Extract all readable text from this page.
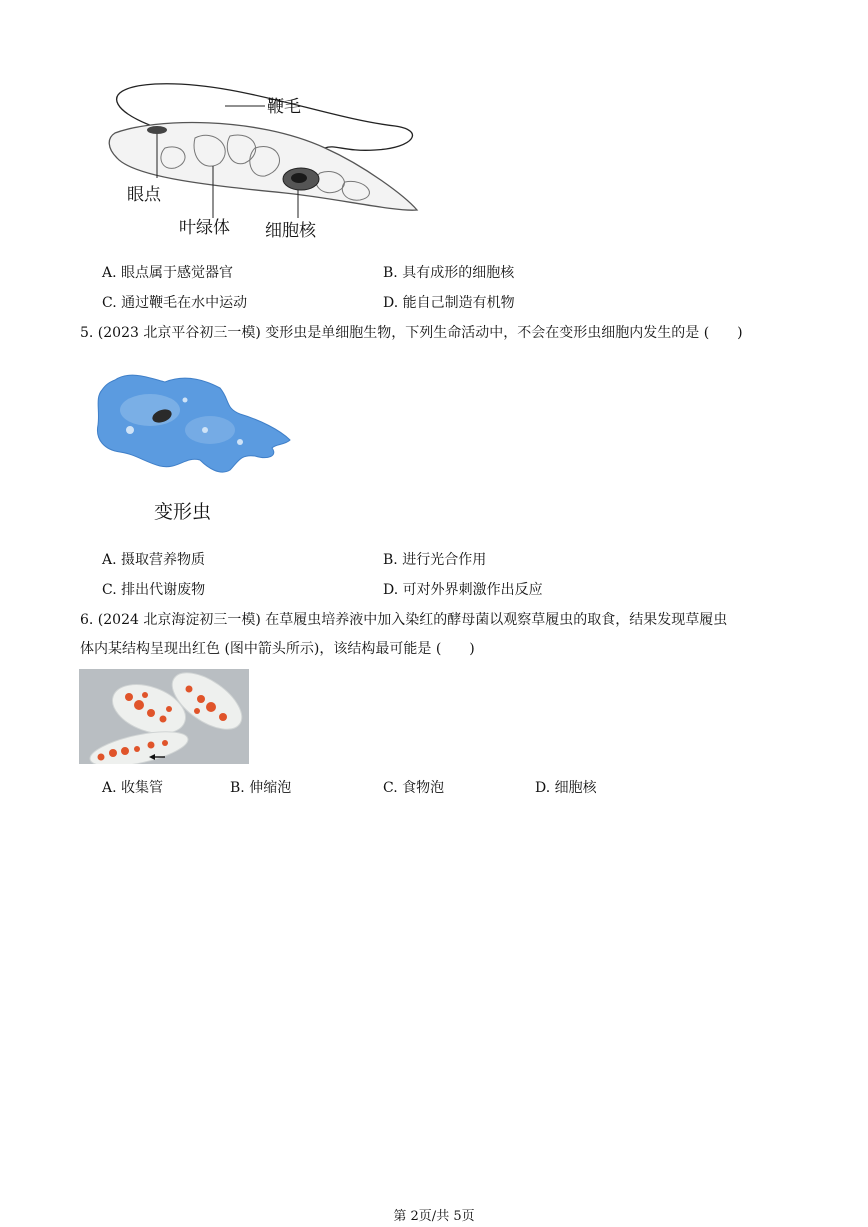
鞭毛
眼点
叶绿体 细胞核
A. 眼点属于感觉器官	B. 具有成形的细胞核
C. 通过鞭毛在水中运动	D. 能自己制造有机物
5. (2023 北京平谷初三一模) 变形虫是单细胞生物，下列生命活动中，不会在变形虫细胞内发生的是 (　　)
变形虫
A. 摄取营养物质	B. 进行光合作用
C. 排出代谢废物	D. 可对外界刺激作出反应
6. (2024 北京海淀初三一模) 在草履虫培养液中加入染红的酵母菌以观察草履虫的取食，结果发现草履虫
体内某结构呈现出红色 (图中箭头所示)，该结构最可能是 (　　)
A. 收集管	B. 伸缩泡	C. 食物泡	D. 细胞核
第 2页/共 5页
